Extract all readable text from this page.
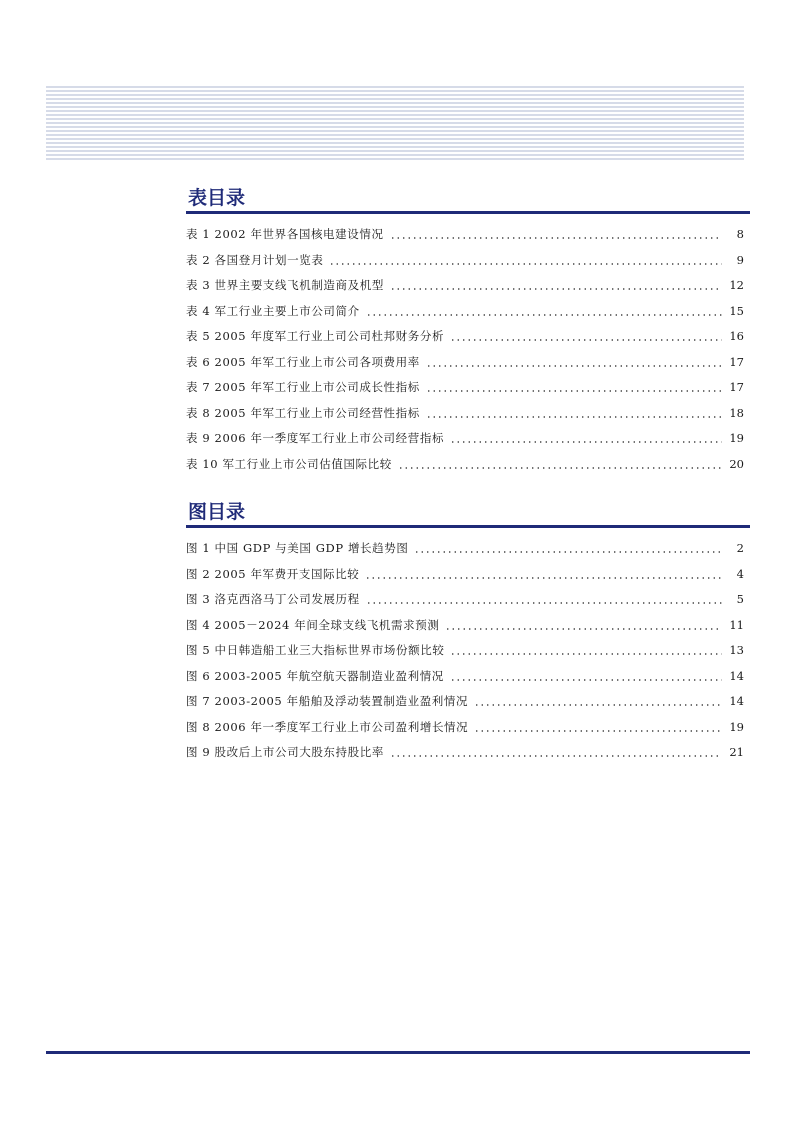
表目录
表 1 2002 年世界各国核电建设情况	8
表 2 各国登月计划一览表	9
表 3 世界主要支线飞机制造商及机型	12
表 4 军工行业主要上市公司简介	15
表 5 2005 年度军工行业上司公司杜邦财务分析	16
表 6 2005 年军工行业上市公司各项费用率	17
表 7 2005 年军工行业上市公司成长性指标	17
表 8 2005 年军工行业上市公司经营性指标	18
表 9 2006 年一季度军工行业上市公司经营指标	19
表 10 军工行业上市公司估值国际比较	20
图目录
图 1 中国 GDP 与美国 GDP 增长趋势图	2
图 2 2005 年军费开支国际比较	4
图 3 洛克西洛马丁公司发展历程	5
图 4 2005－2024 年间全球支线飞机需求预测	11
图 5 中日韩造船工业三大指标世界市场份额比较	13
图 6 2003-2005 年航空航天器制造业盈利情况	14
图 7 2003-2005 年船舶及浮动装置制造业盈利情况	14
图 8 2006 年一季度军工行业上市公司盈利增长情况	19
图 9 股改后上市公司大股东持股比率	21
